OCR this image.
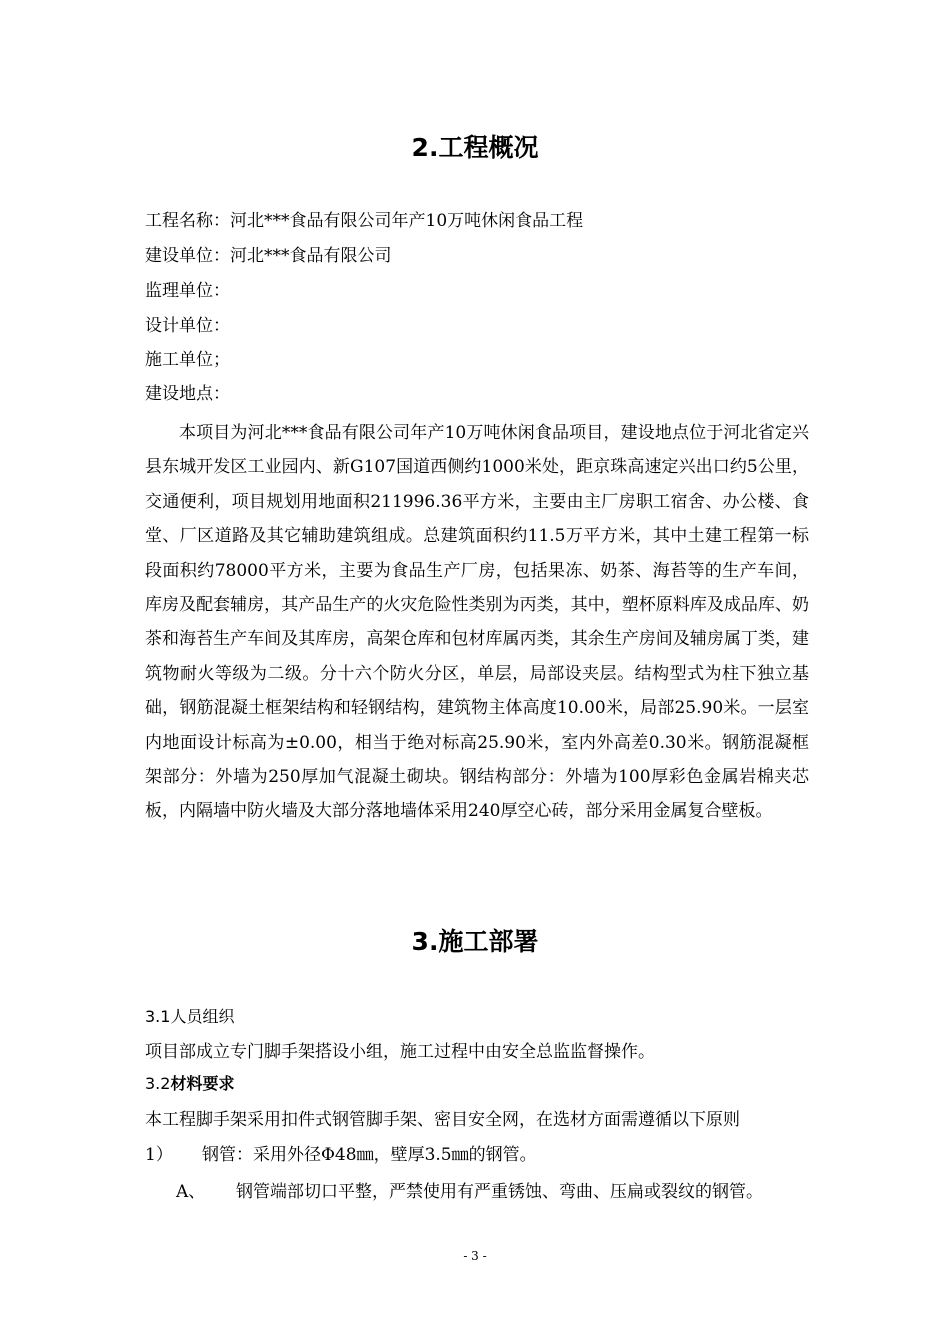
2.工程概况
工程名称：河北***食品有限公司年产10万吨休闲食品工程
建设单位：河北***食品有限公司
监理单位：
设计单位：
施工单位；
建设地点：
本项目为河北***食品有限公司年产10万吨休闲食品项目，建设地点位于河北省定兴县东城开发区工业园内、新G107国道西侧约1000米处，距京珠高速定兴出口约5公里，交通便利，项目规划用地面积211996.36平方米，主要由主厂房职工宿舍、办公楼、食堂、厂区道路及其它辅助建筑组成。总建筑面积约11.5万平方米，其中土建工程第一标段面积约78000平方米，主要为食品生产厂房，包括果冻、奶茶、海苔等的生产车间，库房及配套辅房，其产品生产的火灾危险性类别为丙类，其中，塑杯原料库及成品库、奶茶和海苔生产车间及其库房，高架仓库和包材库属丙类，其余生产房间及辅房属丁类，建筑物耐火等级为二级。分十六个防火分区，单层，局部设夹层。结构型式为柱下独立基础，钢筋混凝土框架结构和轻钢结构，建筑物主体高度10.00米，局部25.90米。一层室内地面设计标高为±0.00，相当于绝对标高25.90米，室内外高差0.30米。钢筋混凝框架部分：外墙为250厚加气混凝土砌块。钢结构部分：外墙为100厚彩色金属岩棉夹芯板，内隔墙中防火墙及大部分落地墙体采用240厚空心砖，部分采用金属复合壁板。
3.施工部署
3.1人员组织
项目部成立专门脚手架搭设小组，施工过程中由安全总监监督操作。
3.2材料要求
本工程脚手架采用扣件式钢管脚手架、密目安全网，在选材方面需遵循以下原则
1） 钢管：采用外径Φ48㎜，壁厚3.5㎜的钢管。
A、 钢管端部切口平整，严禁使用有严重锈蚀、弯曲、压扁或裂纹的钢管。
- 3 -
